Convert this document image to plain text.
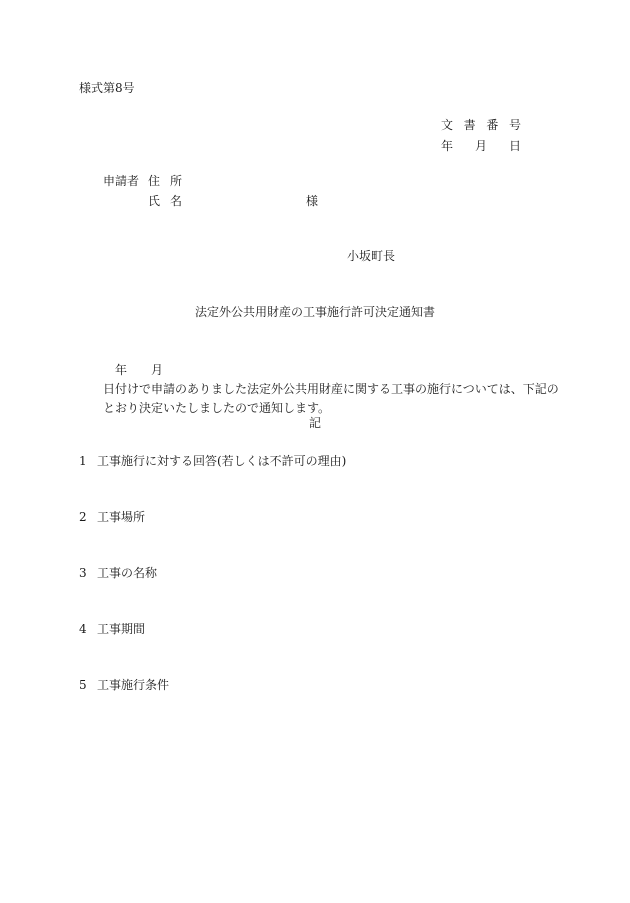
様式第8号
文 書 番 号
年 月 日
申請者 住 所
氏 名	様
小坂町長
法定外公共用財産の工事施行許可決定通知書
年 月日付けで申請のありました法定外公共用財産に関する工事の施行については、下記のとおり決定いたしましたので通知します。
記
1 工事施行に対する回答(若しくは不許可の理由)
2 工事場所
3 工事の名称
4 工事期間
5 工事施行条件
